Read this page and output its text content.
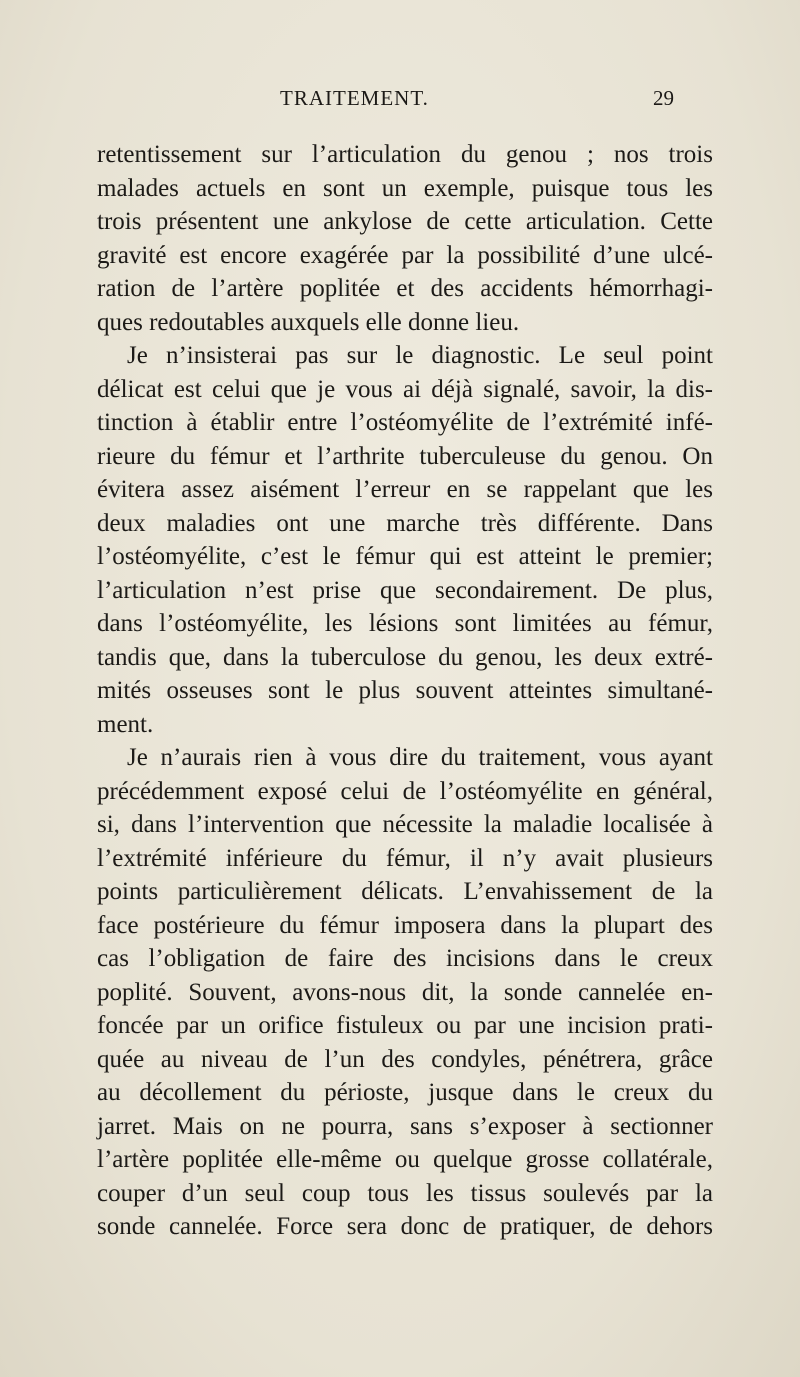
TRAITEMENT.	29
retentissement sur l’articulation du genou ; nos trois
malades actuels en sont un exemple, puisque tous les
trois présentent une ankylose de cette articulation. Cette
gravité est encore exagérée par la possibilité d’une ulcé-
ration de l’artère poplitée et des accidents hémorrhagi-
ques redoutables auxquels elle donne lieu.
Je n’insisterai pas sur le diagnostic. Le seul point
délicat est celui que je vous ai déjà signalé, savoir, la dis-
tinction à établir entre l’ostéomyélite de l’extrémité infé-
rieure du fémur et l’arthrite tuberculeuse du genou. On
évitera assez aisément l’erreur en se rappelant que les
deux maladies ont une marche très différente. Dans
l’ostéomyélite, c’est le fémur qui est atteint le premier;
l’articulation n’est prise que secondairement. De plus,
dans l’ostéomyélite, les lésions sont limitées au fémur,
tandis que, dans la tuberculose du genou, les deux extré-
mités osseuses sont le plus souvent atteintes simultané-
ment.
Je n’aurais rien à vous dire du traitement, vous ayant
précédemment exposé celui de l’ostéomyélite en général,
si, dans l’intervention que nécessite la maladie localisée à
l’extrémité inférieure du fémur, il n’y avait plusieurs
points particulièrement délicats. L’envahissement de la
face postérieure du fémur imposera dans la plupart des
cas l’obligation de faire des incisions dans le creux
poplité. Souvent, avons-nous dit, la sonde cannelée en-
foncée par un orifice fistuleux ou par une incision prati-
quée au niveau de l’un des condyles, pénétrera, grâce
au décollement du périoste, jusque dans le creux du
jarret. Mais on ne pourra, sans s’exposer à sectionner
l’artère poplitée elle-même ou quelque grosse collatérale,
couper d’un seul coup tous les tissus soulevés par la
sonde cannelée. Force sera donc de pratiquer, de dehors
